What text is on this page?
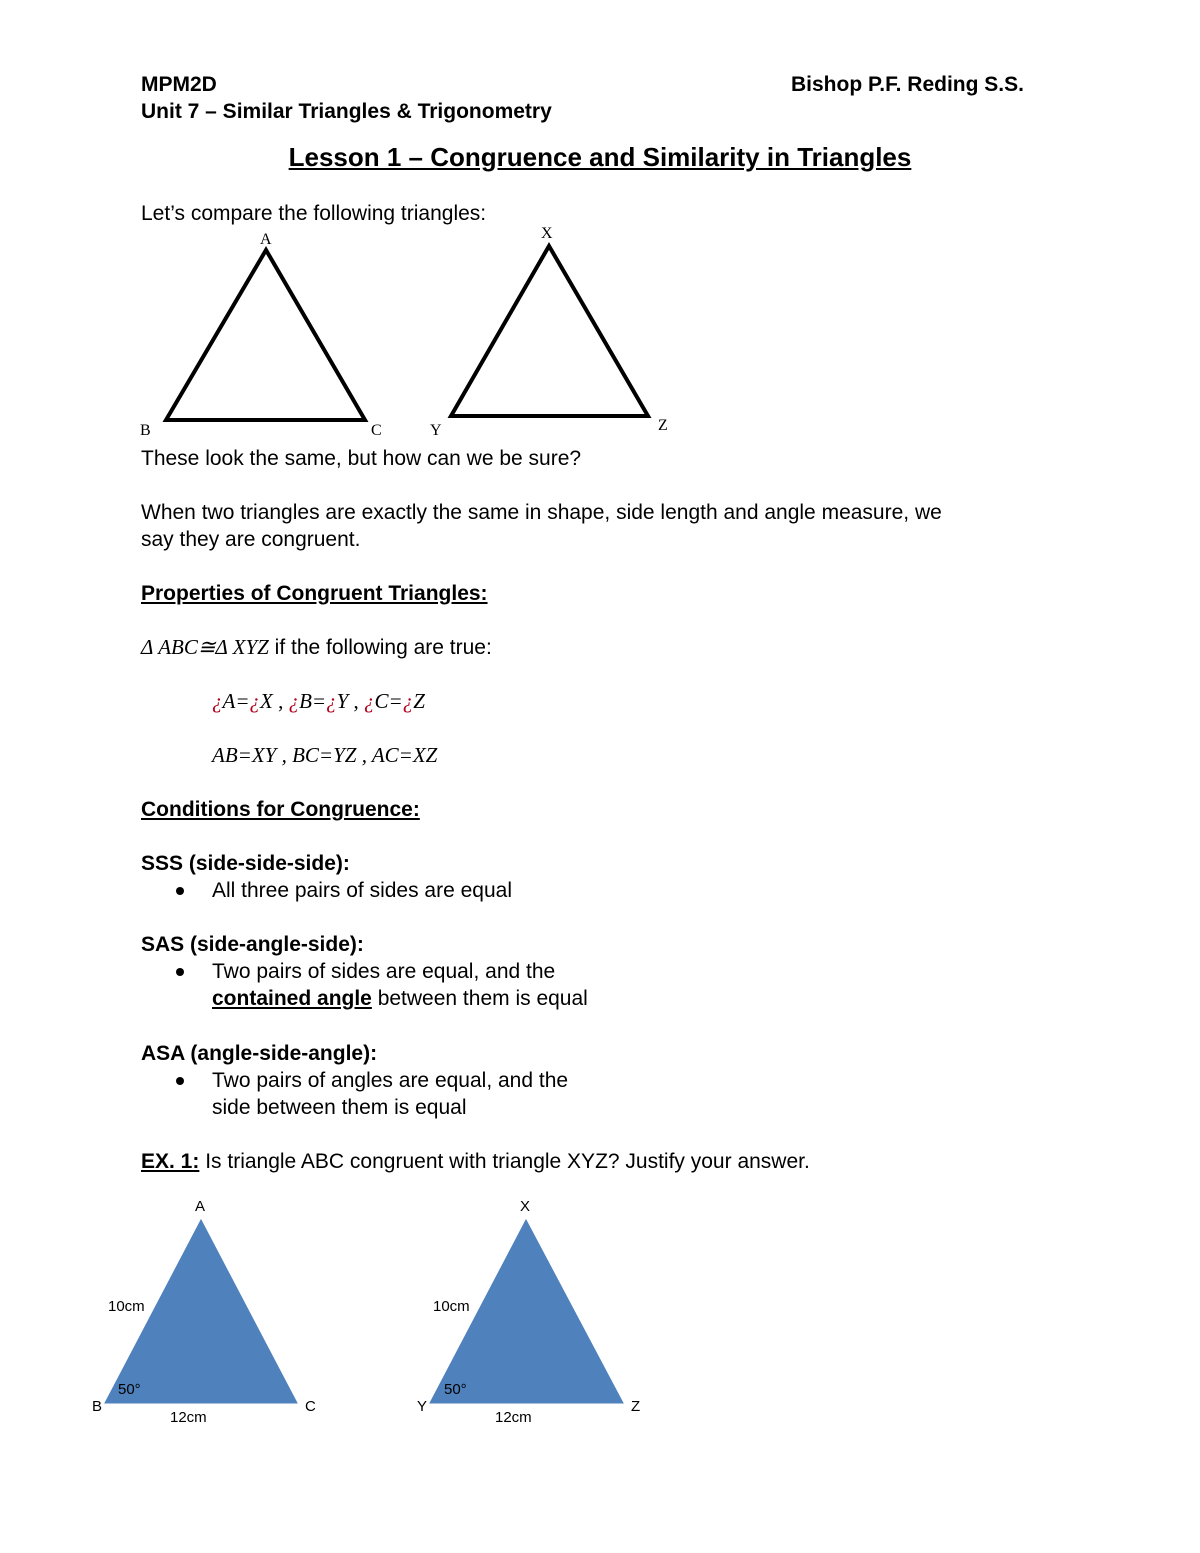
MPM2D	Bishop P.F. Reding S.S.
Unit 7 – Similar Triangles & Trigonometry
Lesson 1 – Congruence and Similarity in Triangles
Let’s compare the following triangles:
A
B	C
X
Y	Z
These look the same, but how can we be sure?
When two triangles are exactly the same in shape, side length and angle measure, we
say they are congruent.
Properties of Congruent Triangles:
Δ ABC≅Δ XYZ if the following are true:
¿A=¿X , ¿B=¿Y , ¿C=¿Z
AB=XY , BC=YZ , AC=XZ
Conditions for Congruence:
SSS (side-side-side):
All three pairs of sides are equal
SAS (side-angle-side):
Two pairs of sides are equal, and the
contained angle between them is equal
ASA (angle-side-angle):
Two pairs of angles are equal, and the
side between them is equal
EX. 1: Is triangle ABC congruent with triangle XYZ? Justify your answer.
A
B	C
10cm
12cm
50°
X
Y	Z
10cm
12cm
50°
